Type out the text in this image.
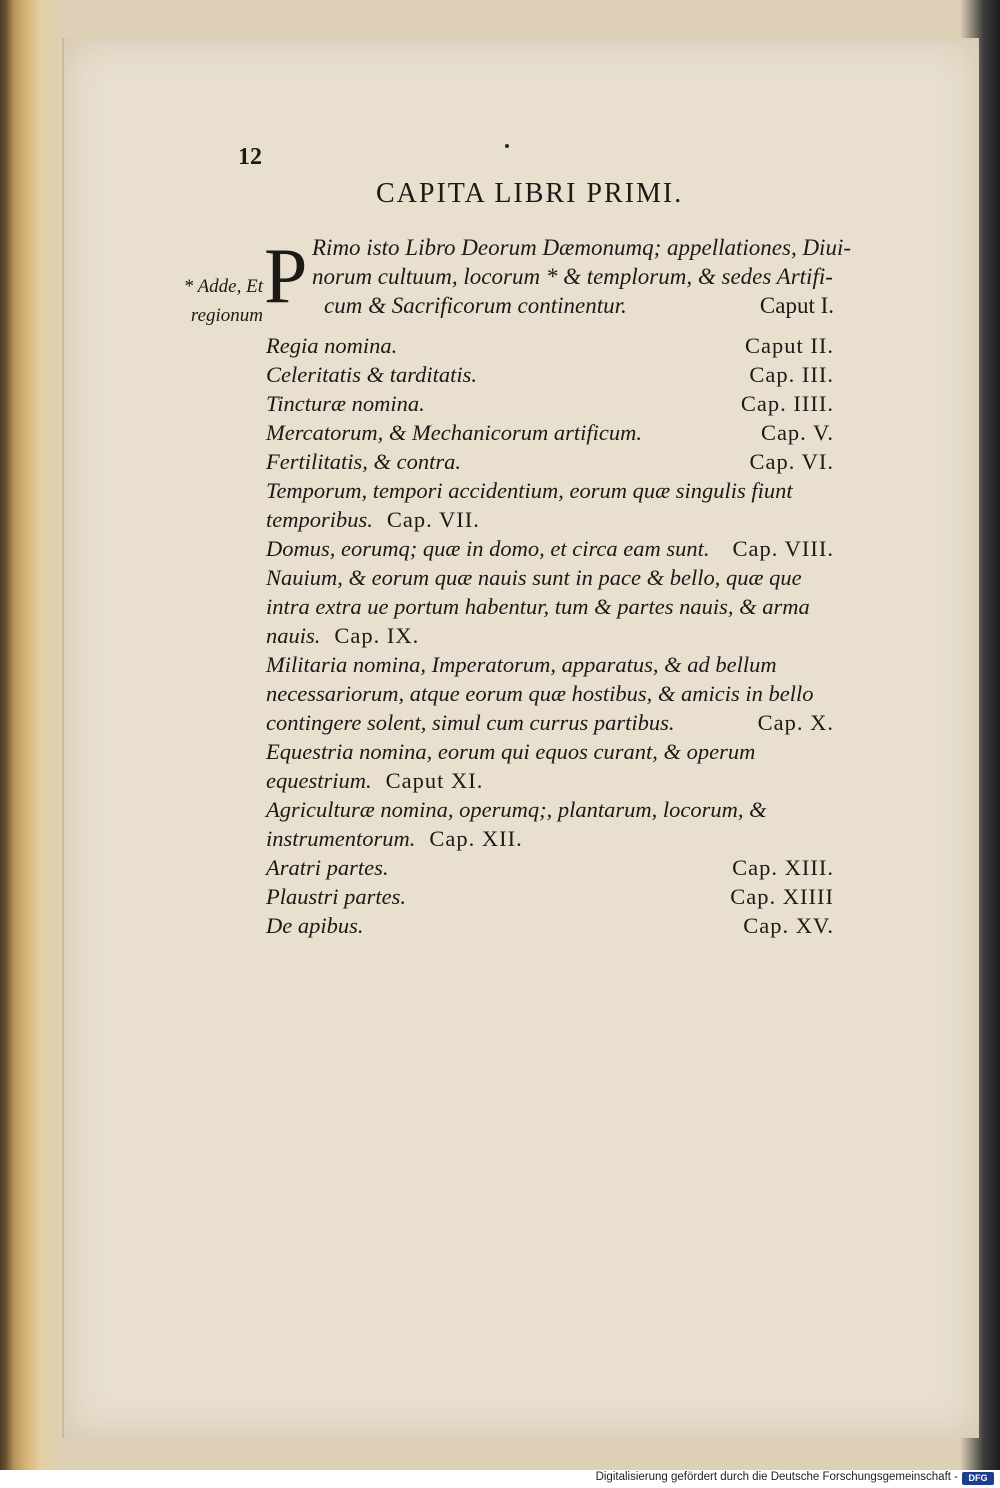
12
CAPITA LIBRI PRIMI.
* Adde, Et
regionum P Rimo isto Libro Deorum Dæmonumq; appellationes, Diui-
norum cultuum, locorum * & templorum, & sedes Artifi-
cum & Sacrificorum continentur.	Caput I.
Regia nomina.	Caput II.
Celeritatis & tarditatis.	Cap. III.
Tincturæ nomina.	Cap. IIII.
Mercatorum, & Mechanicorum artificum.	Cap. V.
Fertilitatis, & contra.	Cap. VI.
Temporum, tempori accidentium, eorum quæ singulis fiunt temporibus. Cap. VII.
Domus, eorumq; quæ in domo, et circa eam sunt.	Cap. VIII.
Nauium, & eorum quæ nauis sunt in pace & bello, quæ que intra extra ue portum habentur, tum & partes nauis, & arma nauis. Cap. IX.
Militaria nomina, Imperatorum, apparatus, & ad bellum necessariorum, atque eorum quæ hostibus, & amicis in bello contingere solent, simul cum currus partibus.	Cap. X.
Equestria nomina, eorum qui equos curant, & operum equestrium. Caput XI.
Agriculturæ nomina, operumq;, plantarum, locorum, & instrumentorum. Cap. XII.
Aratri partes.	Cap. XIII.
Plaustri partes.	Cap. XIIII
De apibus.	Cap. XV.
Digitalisierung gefördert durch die Deutsche Forschungsgemeinschaft -	DFG
